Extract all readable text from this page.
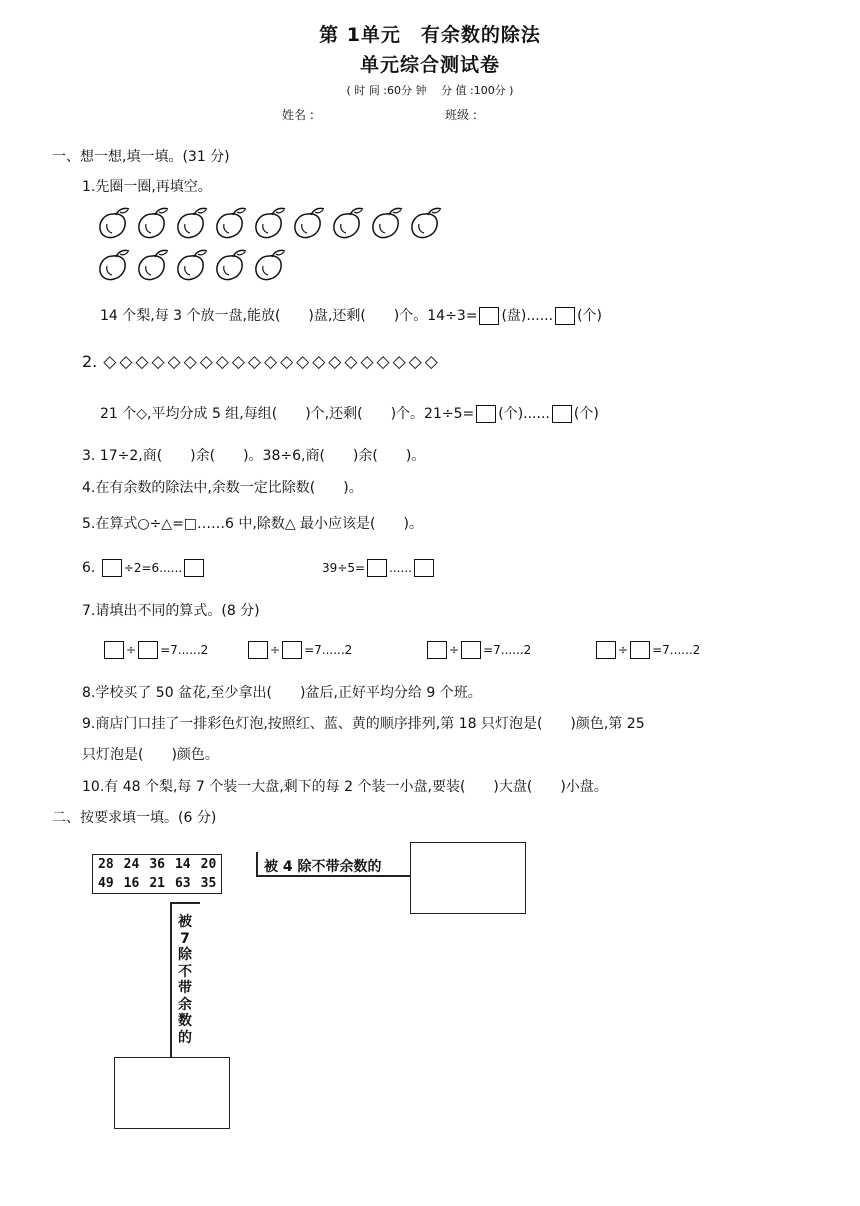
第 1单元　有余数的除法
单元综合测试卷
( 时 间 :60分 钟　 分 值 :100分 )
姓名 :	班级 :
一、想一想,填一填。(31 分)
1.先圈一圈,再填空。
14 个梨,每 3 个放一盘,能放(　　)盘,还剩(　　)个。14÷3= (盘)...... (个)
2. ◇◇◇◇◇◇◇◇◇◇◇◇◇◇◇◇◇◇◇◇◇
21 个◇,平均分成 5 组,每组(　　)个,还剩(　　)个。21÷5= (个)...... (个)
3. 17÷2,商(　　)余(　　)。38÷6,商(　　)余(　　)。
4.在有余数的除法中,余数一定比除数(　　)。
5.在算式○÷△=□……6 中,除数△ 最小应该是(　　)。
6. ÷2=6......	39÷5= ......
7.请填出不同的算式。(8 分)
÷ =7......2	÷ =7......2	÷ =7......2	÷ =7......2
8.学校买了 50 盆花,至少拿出(　　)盆后,正好平均分给 9 个班。
9.商店门口挂了一排彩色灯泡,按照红、蓝、黄的顺序排列,第 18 只灯泡是(　　)颜色,第 25
只灯泡是(　　)颜色。
10.有 48 个梨,每 7 个装一大盘,剩下的每 2 个装一小盘,要装(　　)大盘(　　)小盘。
二、按要求填一填。(6 分)
28	24	36	14	20
49	16	21	63	35
被 4 除不带余数的
被7除不带余数的
